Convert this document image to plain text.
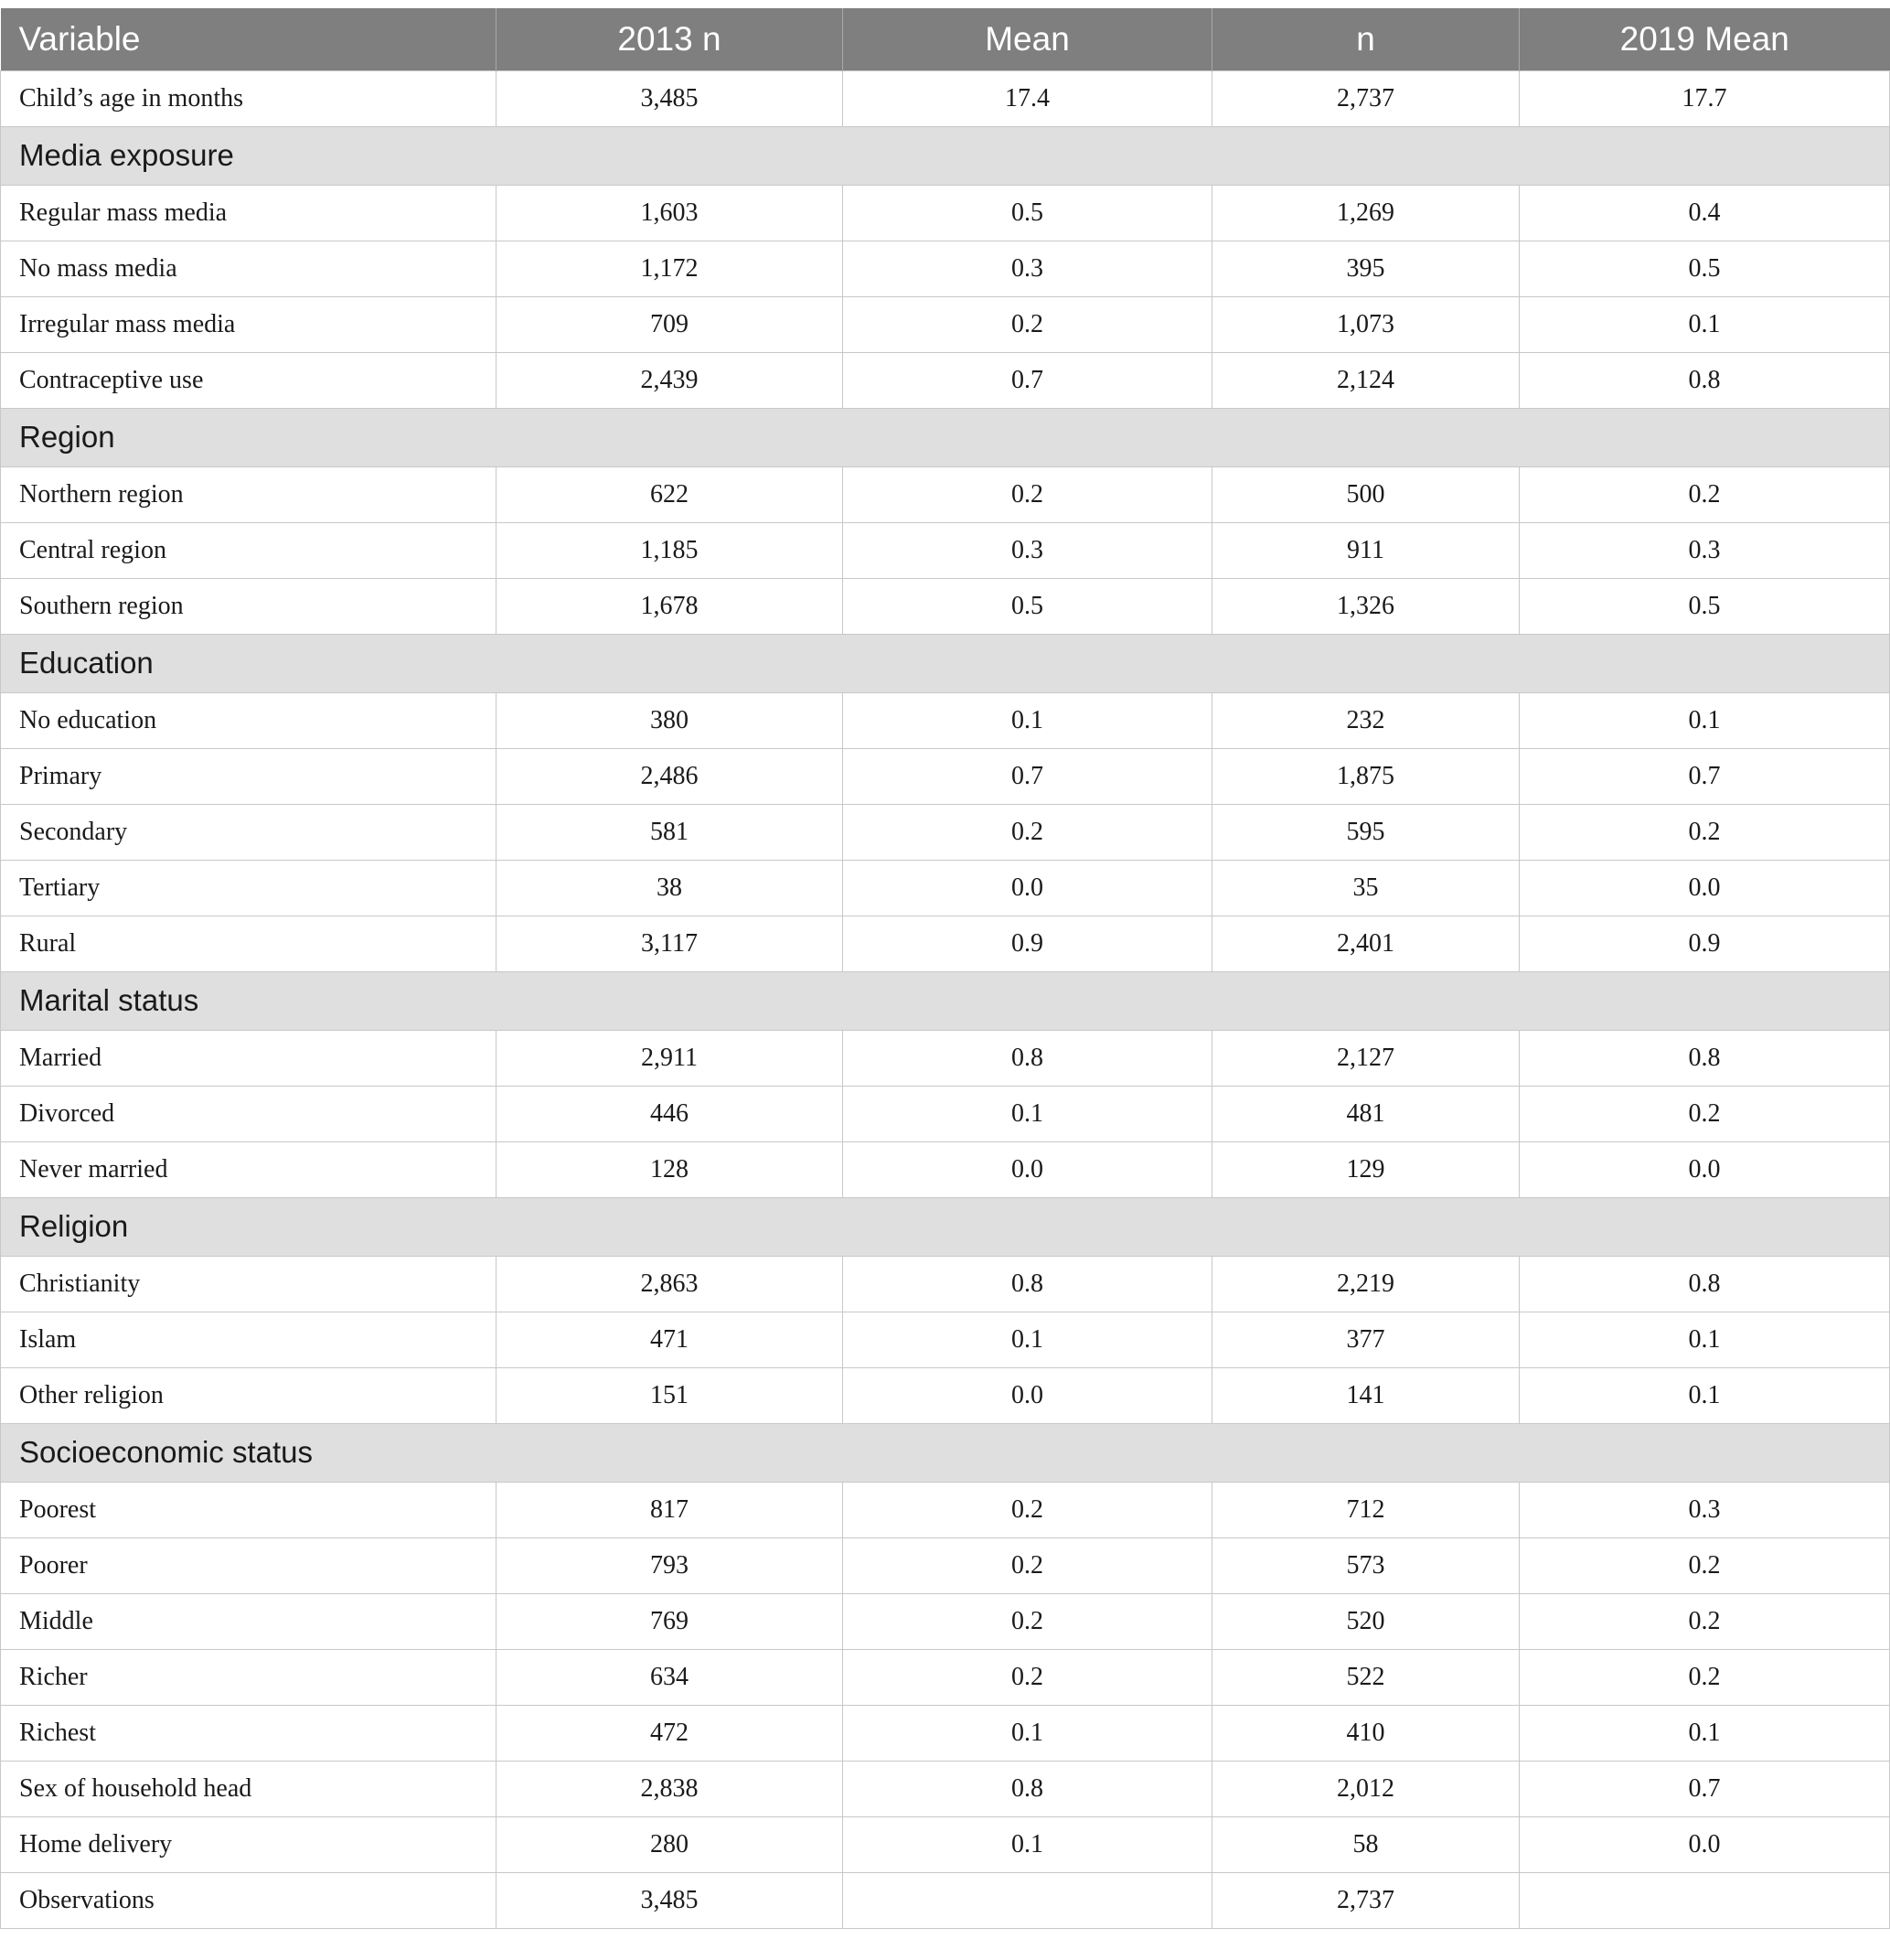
Variable	2013 n	Mean	n	2019 Mean
Child’s age in months	3,485	17.4	2,737	17.7
Media exposure				
Regular mass media	1,603	0.5	1,269	0.4
No mass media	1,172	0.3	395	0.5
Irregular mass media	709	0.2	1,073	0.1
Contraceptive use	2,439	0.7	2,124	0.8
Region				
Northern region	622	0.2	500	0.2
Central region	1,185	0.3	911	0.3
Southern region	1,678	0.5	1,326	0.5
Education				
No education	380	0.1	232	0.1
Primary	2,486	0.7	1,875	0.7
Secondary	581	0.2	595	0.2
Tertiary	38	0.0	35	0.0
Rural	3,117	0.9	2,401	0.9
Marital status				
Married	2,911	0.8	2,127	0.8
Divorced	446	0.1	481	0.2
Never married	128	0.0	129	0.0
Religion				
Christianity	2,863	0.8	2,219	0.8
Islam	471	0.1	377	0.1
Other religion	151	0.0	141	0.1
Socioeconomic status				
Poorest	817	0.2	712	0.3
Poorer	793	0.2	573	0.2
Middle	769	0.2	520	0.2
Richer	634	0.2	522	0.2
Richest	472	0.1	410	0.1
Sex of household head	2,838	0.8	2,012	0.7
Home delivery	280	0.1	58	0.0
Observations	3,485		2,737	
